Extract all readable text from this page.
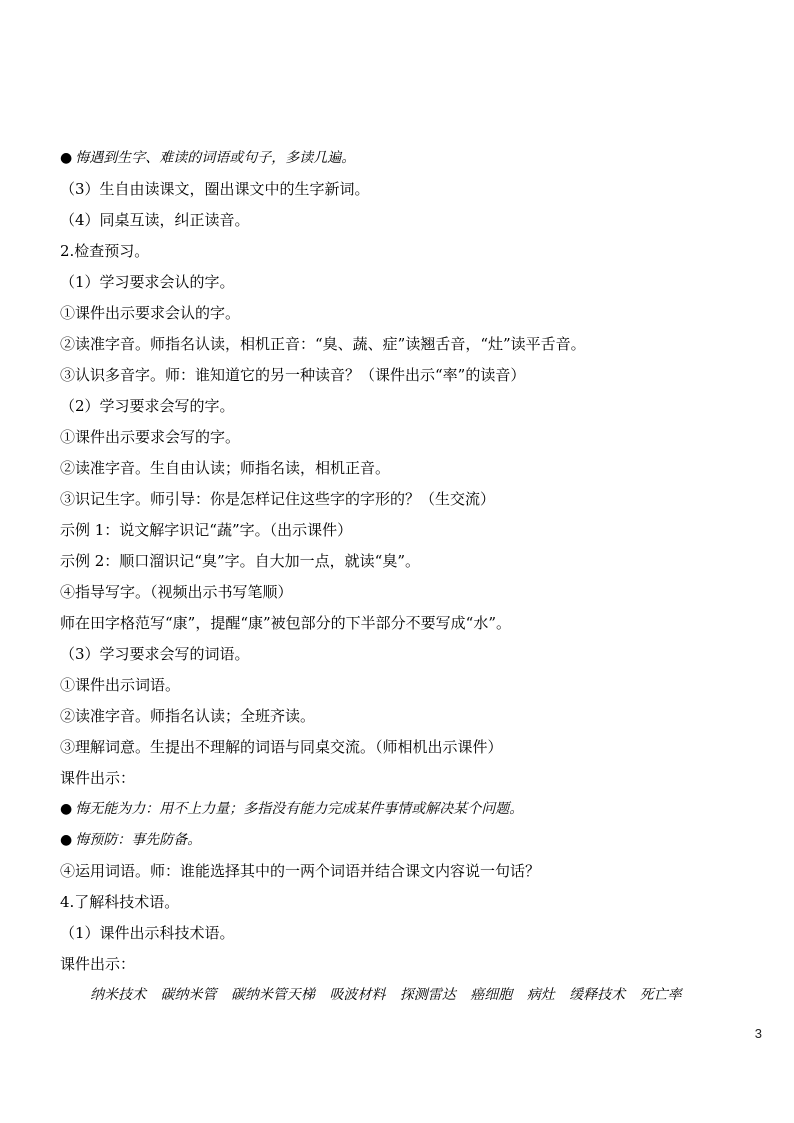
● 悔遇到生字、难读的词语或句子，多读几遍。
（3）生自由读课文，圈出课文中的生字新词。
（4）同桌互读，纠正读音。
2.检查预习。
（1）学习要求会认的字。
①课件出示要求会认的字。
②读准字音。师指名认读，相机正音：“臭、蔬、症”读翘舌音，“灶”读平舌音。
③认识多音字。师：谁知道它的另一种读音？（课件出示“率”的读音）
（2）学习要求会写的字。
①课件出示要求会写的字。
②读准字音。生自由认读；师指名读，相机正音。
③识记生字。师引导：你是怎样记住这些字的字形的？（生交流）
示例 1：说文解字识记“蔬”字。（出示课件）
示例 2：顺口溜识记“臭”字。自大加一点，就读“臭”。
④指导写字。（视频出示书写笔顺）
师在田字格范写“康”，提醒“康”被包部分的下半部分不要写成“水”。
（3）学习要求会写的词语。
①课件出示词语。
②读准字音。师指名认读；全班齐读。
③理解词意。生提出不理解的词语与同桌交流。（师相机出示课件）
课件出示：
● 悔无能为力：用不上力量；多指没有能力完成某件事情或解决某个问题。
● 悔预防：事先防备。
④运用词语。师：谁能选择其中的一两个词语并结合课文内容说一句话？
4.了解科技术语。
（1）课件出示科技术语。
课件出示：
纳米技术 碳纳米管 碳纳米管天梯 吸波材料 探测雷达 癌细胞 病灶 缓释技术 死亡率
3
